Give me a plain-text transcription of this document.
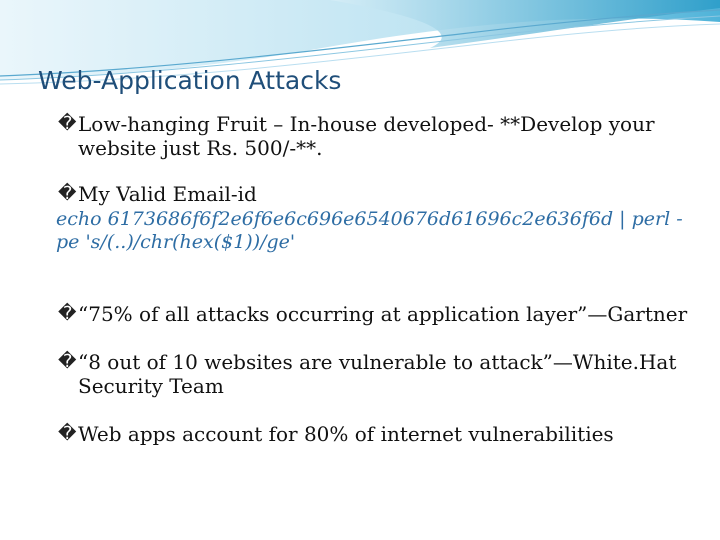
Web-Application Attacks
� Low-hanging Fruit – In-house developed- **Develop your website just Rs. 500/-**.
� My Valid Email-id
echo 6173686f6f2e6f6e6c696e6540676d61696c2e636f6d | perl -pe 's/(..)/chr(hex($1))/ge'
� “75% of all attacks occurring at application layer”—Gartner
� “8 out of 10 websites are vulnerable to attack”—White.Hat Security Team
� Web apps account for 80% of internet vulnerabilities
